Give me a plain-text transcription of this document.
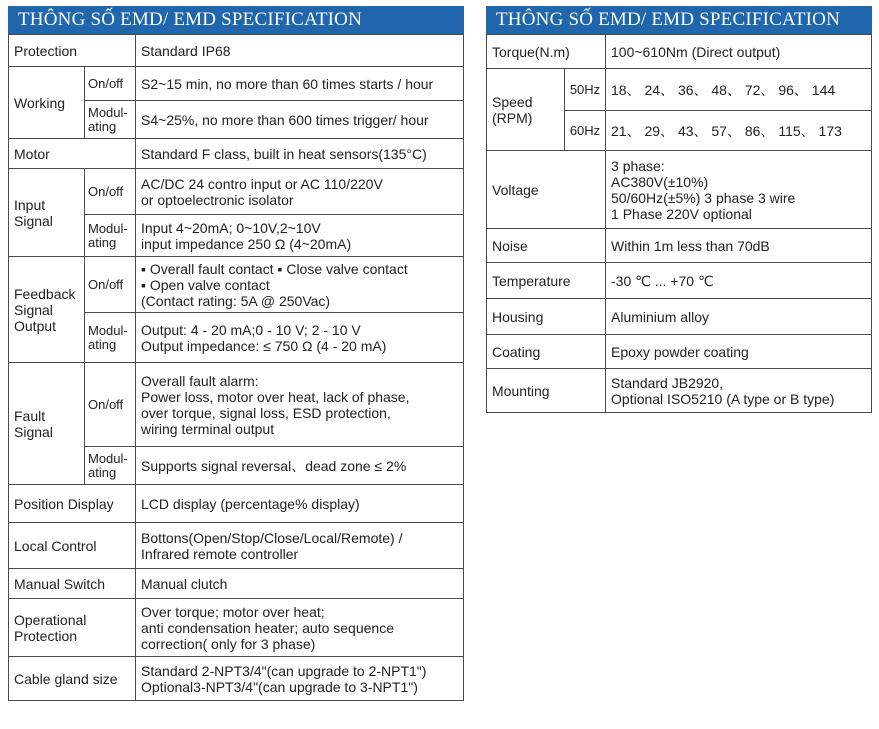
THÔNG SỐ EMD/ EMD SPECIFICATION
Protection		Standard IP68
Working	On/off	S2~15 min, no more than 60 times starts / hour

	Modul-ating	S4~25%, no more than 600 times trigger/ hour

Motor		Standard F class, built in heat sensors(135°C)

Input Signal	On/off	AC/DC 24 contro input or AC 110/220V
or optoelectronic isolator

	Modul-ating	Input 4~20mA; 0~10V,2~10V
input impedance 250 Ω (4~20mA)

Feedback Signal Output	On/off	▪ Overall fault contact ▪ Close valve contact
▪ Open valve contact
(Contact rating: 5A @ 250Vac)

	Modul-ating	Output: 4 - 20 mA;0 - 10 V; 2 - 10 V
Output impedance: ≤ 750 Ω (4 - 20 mA)

Fault Signal	On/off	Overall fault alarm:
Power loss, motor over heat, lack of phase,
over torque, signal loss, ESD protection,
wiring terminal output

	Modul-ating	Supports signal reversal、dead zone ≤ 2%

Position Display		LCD display (percentage% display)
Local Control		Bottons(Open/Stop/Close/Local/Remote) /
Infrared remote controller

Manual Switch		Manual clutch
Operational Protection		Over torque; motor over heat;
anti condensation heater; auto sequence
correction( only for 3 phase)

Cable gland size		Standard 2-NPT3/4"(can upgrade to 2-NPT1")
Optional3-NPT3/4"(can upgrade to 3-NPT1")
THÔNG SỐ EMD/ EMD SPECIFICATION
Torque(N.m)		100~610Nm (Direct output)
Speed (RPM)	50Hz	18、 24、 36、 48、 72、 96、 144

	60Hz	21、 29、 43、 57、 86、 115、 173

Voltage		3 phase:
AC380V(±10%)
50/60Hz(±5%) 3 phase 3 wire
1 Phase 220V optional

Noise		Within 1m less than 70dB
Temperature		-30 ℃ ... +70 ℃
Housing		Aluminium alloy
Coating		Epoxy powder coating
Mounting		Standard JB2920,
Optional ISO5210 (A type or B type)
